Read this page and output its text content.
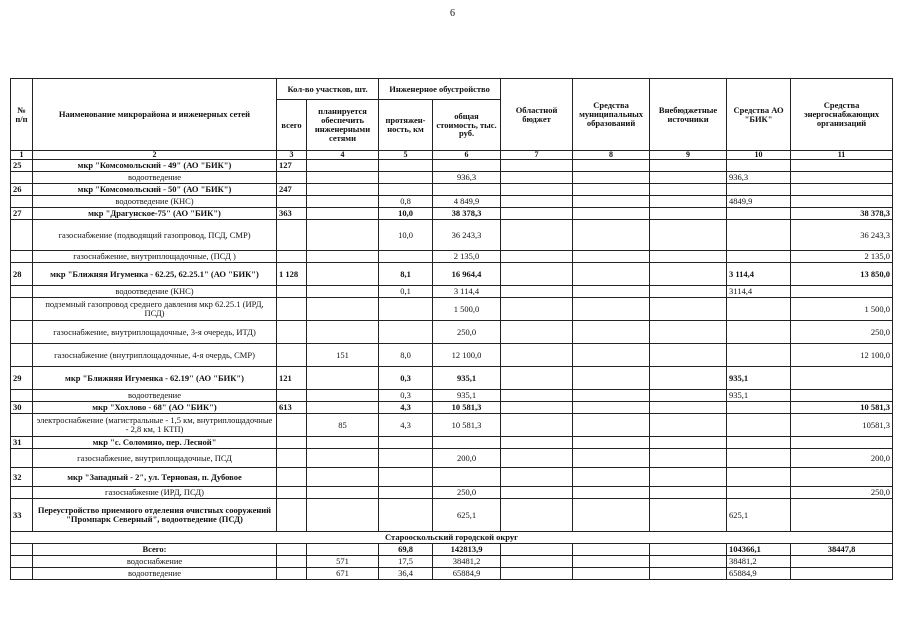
6
№ п/п	Наименование микрорайона и инженерных сетей	Кол-во участков, шт.		Инженерное обустройство		Областной бюджет	Средства муниципальных образований	Внебюджетные источники	Средства АО "БИК"	Средства энергоснабжающих организаций
		всего	планируется обеспечить инженерными сетями	протяжен-ность, км	общая стоимость, тыс. руб.					
1	2	3	4	5	6	7	8	9	10	11
25	мкр "Комсомольский - 49" (АО "БИК")	127								
	водоотведение				936,3				936,3	
26	мкр "Комсомольский - 50" (АО "БИК")	247								
	водоотведение (КНС)			0,8	4 849,9				4849,9	
27	мкр "Драгунское-75" (АО "БИК")	363		10,0	38 378,3					38 378,3
	газоснабжение (подводящий газопровод, ПСД, СМР)			10,0	36 243,3					36 243,3
	газоснабжение, внутриплощадочные, (ПСД )				2 135,0					2 135,0
28	мкр "Ближняя Игуменка - 62.25, 62.25.1" (АО "БИК")	1 128		8,1	16 964,4				3 114,4	13 850,0
	водоотведение (КНС)			0,1	3 114,4				3114,4	
	подземный газопровод среднего давления мкр 62.25.1 (ИРД, ПСД)				1 500,0					1 500,0
	газоснабжение, внутриплощадочные, 3-я очередь, ИТД)				250,0					250,0
	газоснабжение (внутриплощадочные, 4-я очердь, СМР)		151	8,0	12 100,0					12 100,0
29	мкр "Ближняя Игуменка - 62.19" (АО "БИК")	121		0,3	935,1				935,1	
	водоотведение			0,3	935,1				935,1	
30	мкр "Хохлово - 68" (АО "БИК")	613		4,3	10 581,3					10 581,3
	электроснабжение (магистральные - 1,5 км, внутриплощадочные - 2,8 км, 1 КТП)		85	4,3	10 581,3					10581,3
31	мкр "с. Соломино, пер. Лесной"									
	газоснабжение, внутриплощадочные, ПСД				200,0					200,0
32	мкр "Западный - 2", ул. Терновая, п. Дубовое									
	газоснабжение (ИРД, ПСД)				250,0					250,0
33	Переустройство приемного отделения очистных сооружений "Промпарк Северный", водоотведение (ПСД)				625,1				625,1	
Старооскольский городской округ										
	Всего:			69,8	142813,9				104366,1	38447,8
	водоснабжение		571	17,5	38481,2				38481,2	
	водоотведение		671	36,4	65884,9				65884,9	
